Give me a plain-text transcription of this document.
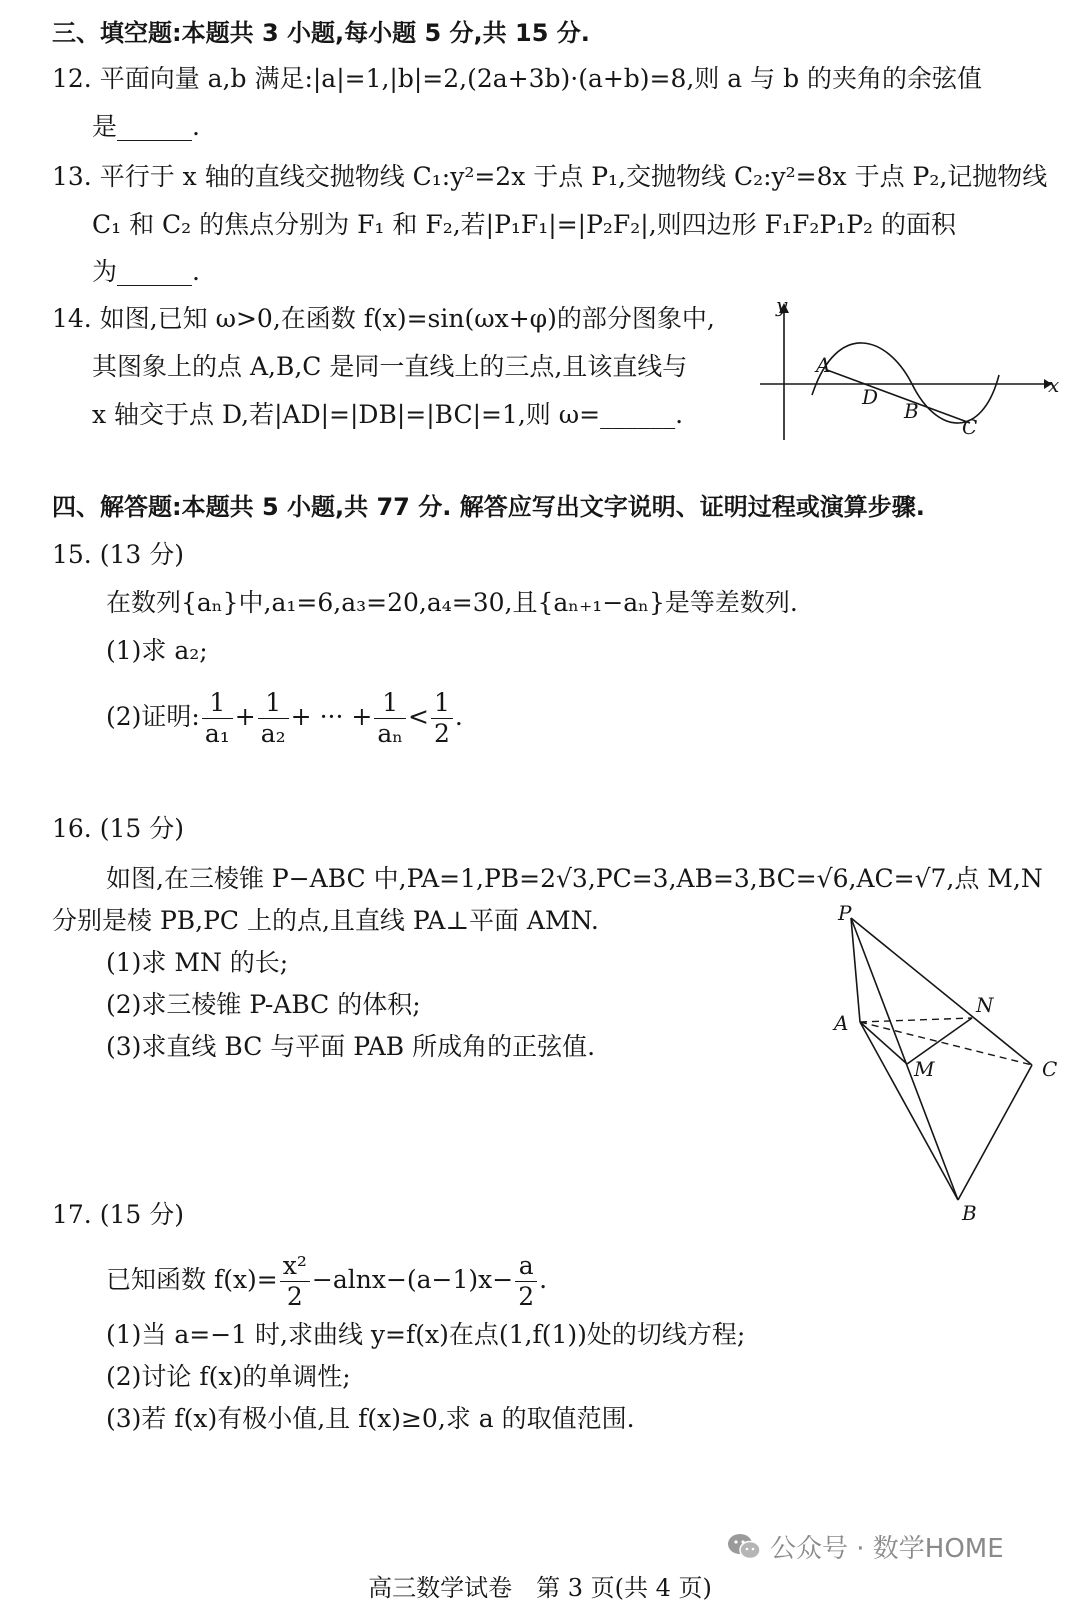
三、填空题:本题共 3 小题,每小题 5 分,共 15 分.
12. 平面向量 a,b 满足:|a|=1,|b|=2,(2a+3b)·(a+b)=8,则 a 与 b 的夹角的余弦值
是______.
13. 平行于 x 轴的直线交抛物线 C₁:y²=2x 于点 P₁,交抛物线 C₂:y²=8x 于点 P₂,记抛物线
C₁ 和 C₂ 的焦点分别为 F₁ 和 F₂,若|P₁F₁|=|P₂F₂|,则四边形 F₁F₂P₁P₂ 的面积
为______.
14. 如图,已知 ω>0,在函数 f(x)=sin(ωx+φ)的部分图象中,
其图象上的点 A,B,C 是同一直线上的三点,且该直线与
x 轴交于点 D,若|AD|=|DB|=|BC|=1,则 ω=______.
y
x
A
D
B
C
四、解答题:本题共 5 小题,共 77 分. 解答应写出文字说明、证明过程或演算步骤.
15. (13 分)
在数列{aₙ}中,a₁=6,a₃=20,a₄=30,且{aₙ₊₁−aₙ}是等差数列.
(1)求 a₂;
(2)证明: $\frac{1}{\text{a₁}} + \frac{1}{\text{a₂}}$ + ··· + $\frac{1}{\text{aₙ}} < \frac{1}{2}$ .
16. (15 分)
如图,在三棱锥 P−ABC 中,PA=1,PB=2√3,PC=3,AB=3,BC=√6,AC=√7,点 M,N
分别是棱 PB,PC 上的点,且直线 PA⊥平面 AMN.
(1)求 MN 的长;
(2)求三棱锥 P-ABC 的体积;
(3)求直线 BC 与平面 PAB 所成角的正弦值.
P
A
N
M	C
B
17. (15 分)
已知函数 $f(x)= \frac{\text{x²}}{2} -alnx-(a-1)x- \frac{a}{2}$ .
(1)当 a=−1 时,求曲线 y=f(x)在点(1,f(1))处的切线方程;
(2)讨论 f(x)的单调性;
(3)若 f(x)有极小值,且 f(x)≥0,求 a 的取值范围.
公众号 · 数学HOME
高三数学试卷　第 3 页(共 4 页)
